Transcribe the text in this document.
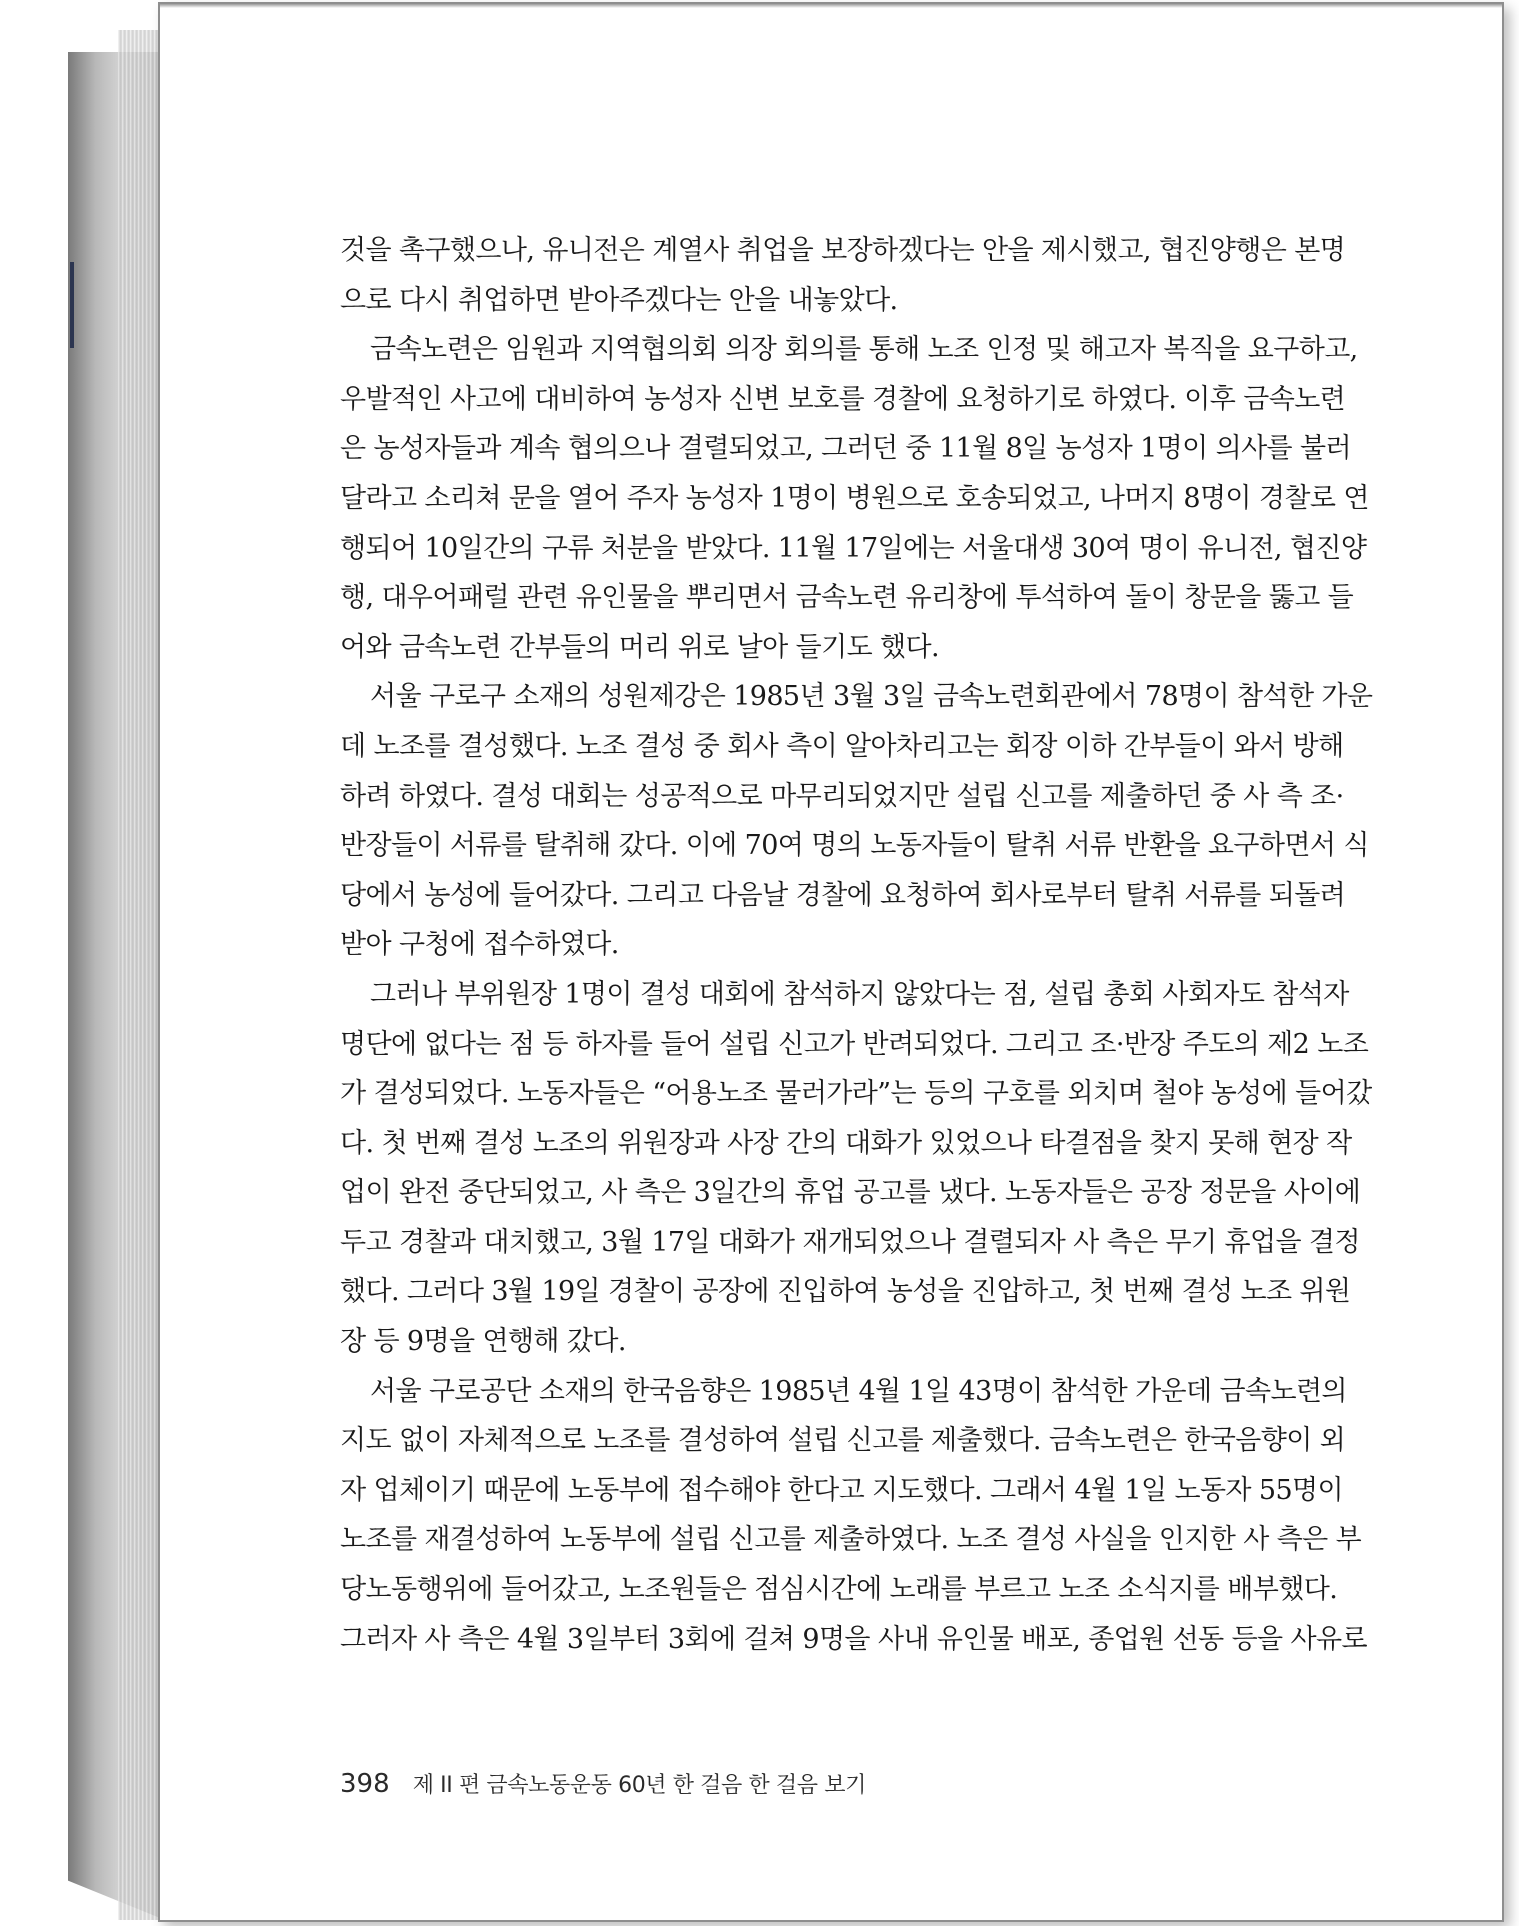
것을 촉구했으나, 유니전은 계열사 취업을 보장하겠다는 안을 제시했고, 협진양행은 본명
으로 다시 취업하면 받아주겠다는 안을 내놓았다.
금속노련은 임원과 지역협의회 의장 회의를 통해 노조 인정 및 해고자 복직을 요구하고,
우발적인 사고에 대비하여 농성자 신변 보호를 경찰에 요청하기로 하였다. 이후 금속노련
은 농성자들과 계속 협의으나 결렬되었고, 그러던 중 11월 8일 농성자 1명이 의사를 불러
달라고 소리쳐 문을 열어 주자 농성자 1명이 병원으로 호송되었고, 나머지 8명이 경찰로 연
행되어 10일간의 구류 처분을 받았다. 11월 17일에는 서울대생 30여 명이 유니전, 협진양
행, 대우어패럴 관련 유인물을 뿌리면서 금속노련 유리창에 투석하여 돌이 창문을 뚫고 들
어와 금속노련 간부들의 머리 위로 날아 들기도 했다.
서울 구로구 소재의 성원제강은 1985년 3월 3일 금속노련회관에서 78명이 참석한 가운
데 노조를 결성했다. 노조 결성 중 회사 측이 알아차리고는 회장 이하 간부들이 와서 방해
하려 하였다. 결성 대회는 성공적으로 마무리되었지만 설립 신고를 제출하던 중 사 측 조·
반장들이 서류를 탈취해 갔다. 이에 70여 명의 노동자들이 탈취 서류 반환을 요구하면서 식
당에서 농성에 들어갔다. 그리고 다음날 경찰에 요청하여 회사로부터 탈취 서류를 되돌려
받아 구청에 접수하였다.
그러나 부위원장 1명이 결성 대회에 참석하지 않았다는 점, 설립 총회 사회자도 참석자
명단에 없다는 점 등 하자를 들어 설립 신고가 반려되었다. 그리고 조·반장 주도의 제2 노조
가 결성되었다. 노동자들은 “어용노조 물러가라”는 등의 구호를 외치며 철야 농성에 들어갔
다. 첫 번째 결성 노조의 위원장과 사장 간의 대화가 있었으나 타결점을 찾지 못해 현장 작
업이 완전 중단되었고, 사 측은 3일간의 휴업 공고를 냈다. 노동자들은 공장 정문을 사이에
두고 경찰과 대치했고, 3월 17일 대화가 재개되었으나 결렬되자 사 측은 무기 휴업을 결정
했다. 그러다 3월 19일 경찰이 공장에 진입하여 농성을 진압하고, 첫 번째 결성 노조 위원
장 등 9명을 연행해 갔다.
서울 구로공단 소재의 한국음향은 1985년 4월 1일 43명이 참석한 가운데 금속노련의
지도 없이 자체적으로 노조를 결성하여 설립 신고를 제출했다. 금속노련은 한국음향이 외
자 업체이기 때문에 노동부에 접수해야 한다고 지도했다. 그래서 4월 1일 노동자 55명이
노조를 재결성하여 노동부에 설립 신고를 제출하였다. 노조 결성 사실을 인지한 사 측은 부
당노동행위에 들어갔고, 노조원들은 점심시간에 노래를 부르고 노조 소식지를 배부했다.
그러자 사 측은 4월 3일부터 3회에 걸쳐 9명을 사내 유인물 배포, 종업원 선동 등을 사유로
398 제 II 편 금속노동운동 60년 한 걸음 한 걸음 보기
